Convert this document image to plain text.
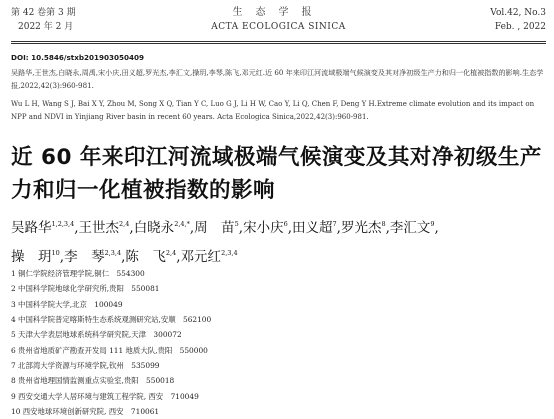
第 42 卷第 3 期
2022 年 2 月
生态学报
ACTA ECOLOGICA SINICA
Vol.42, No.3
Feb. , 2022
DOI: 10.5846/stxb201903050409
吴路华,王世杰,白晓永,周禹,宋小庆,田义超,罗光杰,李汇文,操玥,李琴,陈飞,邓元红.近 60 年来印江河流域极端气候演变及其对净初级生产力和归一化植被指数的影响.生态学报,2022,42(3):960-981.
Wu L H, Wang S J, Bai X Y, Zhou M, Song X Q, Tian Y C, Luo G J, Li H W, Cao Y, Li Q, Chen F, Deng Y H.Extreme climate evolution and its impact on NPP and NDVI in Yinjiang River basin in recent 60 years. Acta Ecologica Sinica,2022,42(3):960-981.
近 60 年来印江河流域极端气候演变及其对净初级生产力和归一化植被指数的影响
吴路华$^{1,2,3,4}$,王世杰$^{2,4}$,白晓永$^{2,4,*}$,周　苗$^5$,宋小庆$^6$,田义超$^7$,罗光杰$^8$,李汇文$^9$,
操　玥$^{10}$,李　琴$^{2,3,4}$,陈　飞$^{2,4}$,邓元红$^{2,3,4}$
1 铜仁学院经济管理学院,铜仁　554300
2 中国科学院地球化学研究所,贵阳　550081
3 中国科学院大学,北京　100049
4 中国科学院普定喀斯特生态系统观测研究站,安顺　562100
5 天津大学表层地球系统科学研究院,天津　300072
6 贵州省地质矿产勘查开发局 111 地质大队,贵阳　550000
7 北部湾大学资源与环境学院,钦州　535099
8 贵州省地理国情监测重点实验室,贵阳　550018
9 西安交通大学人居环境与建筑工程学院, 西安　710049
10 西安地球环境创新研究院, 西安　710061
